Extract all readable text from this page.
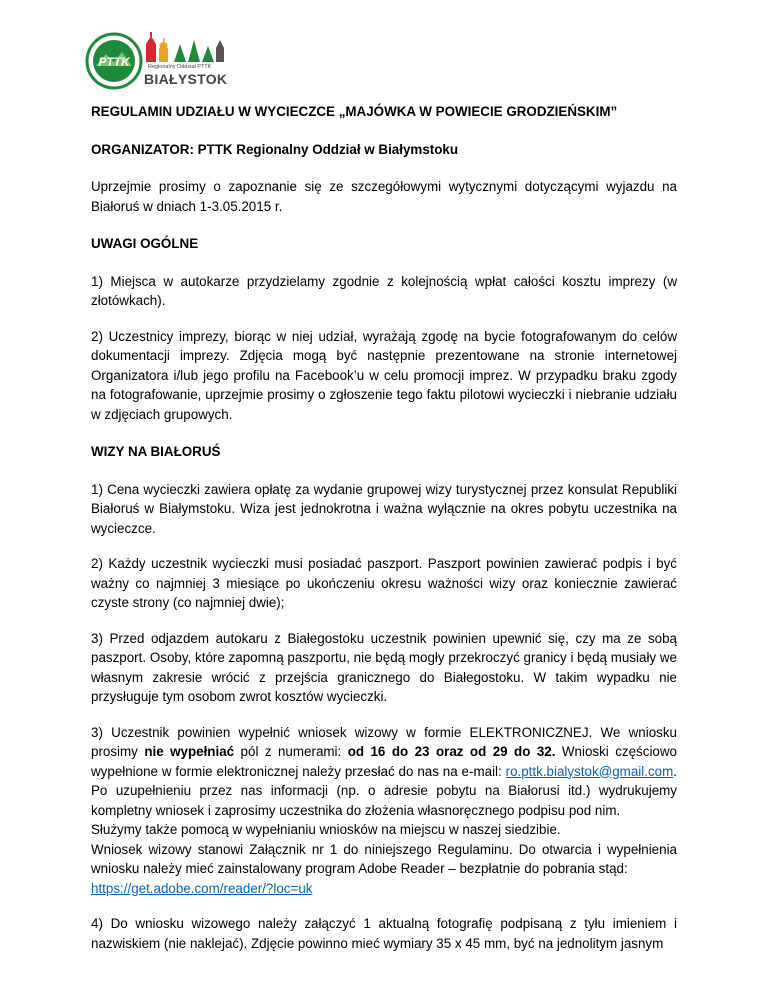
PTTK	Regionalny Oddział PTTK
BIAŁYSTOK

REGULAMIN UDZIAŁU W WYCIECZCE „MAJÓWKA W POWIECIE GRODZIEŃSKIM”

ORGANIZATOR: PTTK Regionalny Oddział w Białymstoku

Uprzejmie prosimy o zapoznanie się ze szczegółowymi wytycznymi dotyczącymi wyjazdu na Białoruś w dniach 1-3.05.2015 r.

UWAGI OGÓLNE

1) Miejsca w autokarze przydzielamy zgodnie z kolejnością wpłat całości kosztu imprezy (w złotówkach).

2) Uczestnicy imprezy, biorąc w niej udział, wyrażają zgodę na bycie fotografowanym do celów dokumentacji imprezy. Zdjęcia mogą być następnie prezentowane na stronie internetowej Organizatora i/lub jego profilu na Facebook’u w celu promocji imprez. W przypadku braku zgody na fotografowanie, uprzejmie prosimy o zgłoszenie tego faktu pilotowi wycieczki i niebranie udziału w zdjęciach grupowych.

WIZY NA BIAŁORUŚ

1) Cena wycieczki zawiera opłatę za wydanie grupowej wizy turystycznej przez konsulat Republiki Białoruś w Białymstoku. Wiza jest jednokrotna i ważna wyłącznie na okres pobytu uczestnika na wycieczce.

2) Każdy uczestnik wycieczki musi posiadać paszport. Paszport powinien zawierać podpis i być ważny co najmniej 3 miesiące po ukończeniu okresu ważności wizy oraz koniecznie zawierać czyste strony (co najmniej dwie);

3) Przed odjazdem autokaru z Białegostoku uczestnik powinien upewnić się, czy ma ze sobą paszport. Osoby, które zapomną paszportu, nie będą mogły przekroczyć granicy i będą musiały we własnym zakresie wrócić z przejścia granicznego do Białegostoku. W takim wypadku nie przysługuje tym osobom zwrot kosztów wycieczki.

3) Uczestnik powinien wypełnić wniosek wizowy w formie ELEKTRONICZNEJ. We wniosku prosimy nie wypełniać pól z numerami: od 16 do 23 oraz od 29 do 32. Wnioski częściowo wypełnione w formie elektronicznej należy przesłać do nas na e-mail: ro.pttk.bialystok@gmail.com. Po uzupełnieniu przez nas informacji (np. o adresie pobytu na Białorusi itd.) wydrukujemy kompletny wniosek i zaprosimy uczestnika do złożenia własnoręcznego podpisu pod nim.
Służymy także pomocą w wypełnianiu wniosków na miejscu w naszej siedzibie.
Wniosek wizowy stanowi Załącznik nr 1 do niniejszego Regulaminu. Do otwarcia i wypełnienia wniosku należy mieć zainstalowany program Adobe Reader – bezpłatnie do pobrania stąd:
https://get.adobe.com/reader/?loc=uk

4) Do wniosku wizowego należy załączyć 1 aktualną fotografię podpisaną z tyłu imieniem i nazwiskiem (nie naklejać). Zdjęcie powinno mieć wymiary 35 x 45 mm, być na jednolitym jasnym
